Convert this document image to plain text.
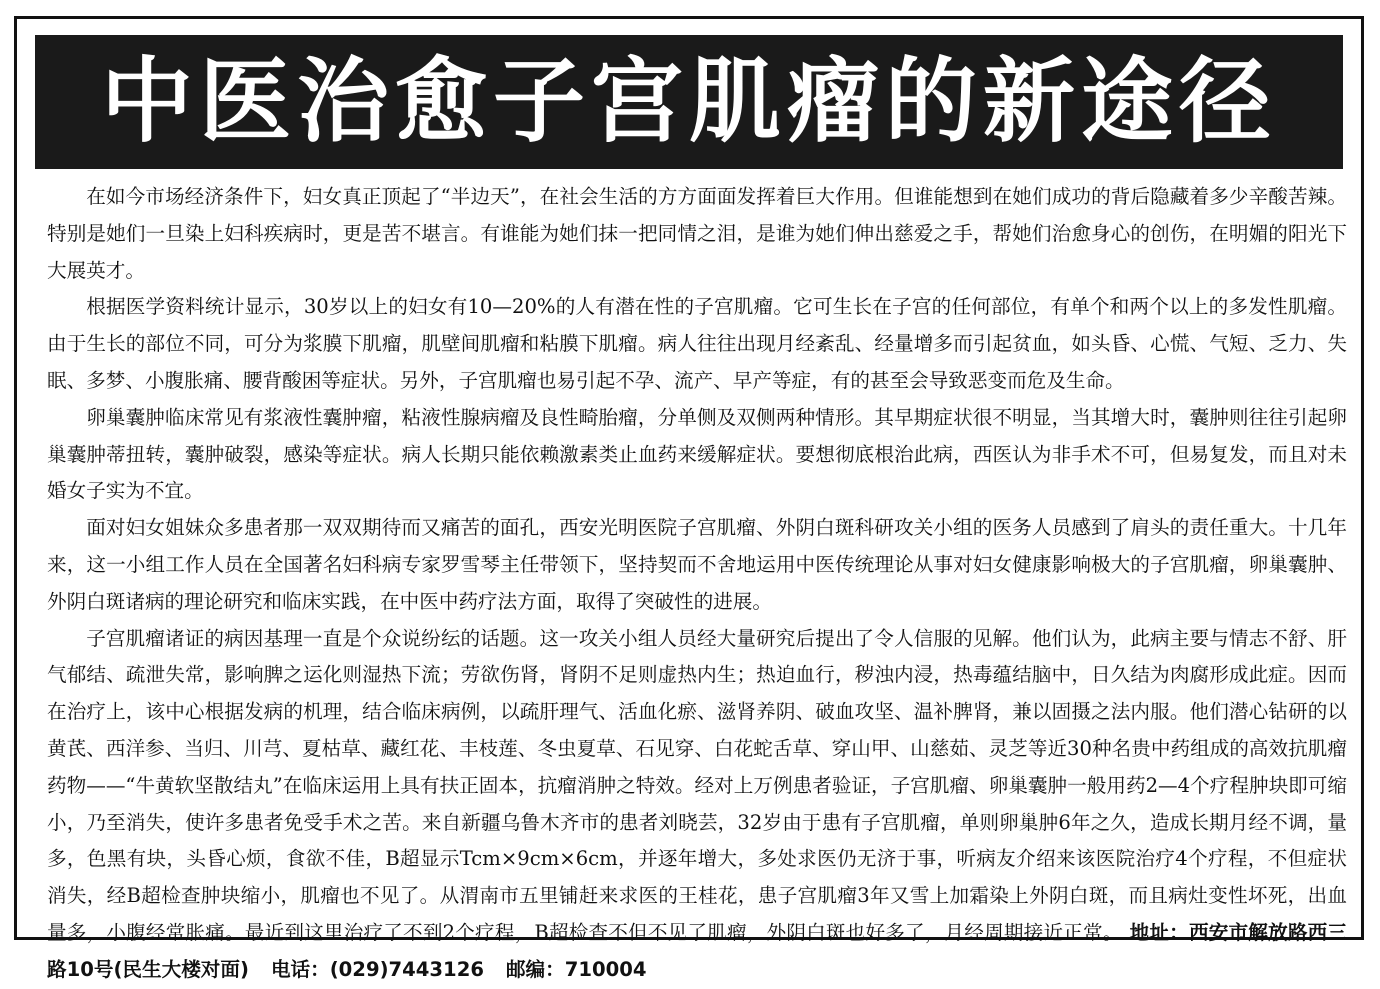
中医治愈子宫肌瘤的新途径

在如今市场经济条件下，妇女真正顶起了“半边天”，在社会生活的方方面面发挥着巨大作用。但谁能想到在她们成功的背后隐藏着多少辛酸苦辣。特别是她们一旦染上妇科疾病时，更是苦不堪言。有谁能为她们抹一把同情之泪，是谁为她们伸出慈爱之手，帮她们治愈身心的创伤，在明媚的阳光下大展英才。

根据医学资料统计显示，30岁以上的妇女有10—20%的人有潜在性的子宫肌瘤。它可生长在子宫的任何部位，有单个和两个以上的多发性肌瘤。由于生长的部位不同，可分为浆膜下肌瘤，肌壁间肌瘤和粘膜下肌瘤。病人往往出现月经紊乱、经量增多而引起贫血，如头昏、心慌、气短、乏力、失眠、多梦、小腹胀痛、腰背酸困等症状。另外，子宫肌瘤也易引起不孕、流产、早产等症，有的甚至会导致恶变而危及生命。

卵巢囊肿临床常见有浆液性囊肿瘤，粘液性腺病瘤及良性畸胎瘤，分单侧及双侧两种情形。其早期症状很不明显，当其增大时，囊肿则往往引起卵巢囊肿蒂扭转，囊肿破裂，感染等症状。病人长期只能依赖激素类止血药来缓解症状。要想彻底根治此病，西医认为非手术不可，但易复发，而且对未婚女子实为不宜。

面对妇女姐妹众多患者那一双双期待而又痛苦的面孔，西安光明医院子宫肌瘤、外阴白斑科研攻关小组的医务人员感到了肩头的责任重大。十几年来，这一小组工作人员在全国著名妇科病专家罗雪琴主任带领下，坚持契而不舍地运用中医传统理论从事对妇女健康影响极大的子宫肌瘤，卵巢囊肿、外阴白斑诸病的理论研究和临床实践，在中医中药疗法方面，取得了突破性的进展。

子宫肌瘤诸证的病因基理一直是个众说纷纭的话题。这一攻关小组人员经大量研究后提出了令人信服的见解。他们认为，此病主要与情志不舒、肝气郁结、疏泄失常，影响脾之运化则湿热下流；劳欲伤肾，肾阴不足则虚热内生；热迫血行，秽浊内浸，热毒蕴结脑中，日久结为肉腐形成此症。因而在治疗上，该中心根据发病的机理，结合临床病例，以疏肝理气、活血化瘀、滋肾养阴、破血攻坚、温补脾肾，兼以固摄之法内服。他们潜心钻研的以黄芪、西洋参、当归、川芎、夏枯草、藏红花、丰枝莲、冬虫夏草、石见穿、白花蛇舌草、穿山甲、山慈茹、灵芝等近30种名贵中药组成的高效抗肌瘤药物——“牛黄软坚散结丸”在临床运用上具有扶正固本，抗瘤消肿之特效。经对上万例患者验证，子宫肌瘤、卵巢囊肿一般用药2—4个疗程肿块即可缩小，乃至消失，使许多患者免受手术之苦。来自新疆乌鲁木齐市的患者刘晓芸，32岁由于患有子宫肌瘤，单则卵巢肿6年之久，造成长期月经不调，量多，色黑有块，头昏心烦，食欲不佳，B超显示Tcm×9cm×6cm，并逐年增大，多处求医仍无济于事，听病友介绍来该医院治疗4个疗程，不但症状消失，经B超检查肿块缩小，肌瘤也不见了。从渭南市五里铺赶来求医的王桂花，患子宫肌瘤3年又雪上加霜染上外阴白斑，而且病灶变性坏死，出血量多，小腹经常胀痛。最近到这里治疗了不到2个疗程，B超检查不但不见了肌瘤，外阴白斑也好多了，月经周期接近正常。 地址：西安市解放路西三路10号(民生大楼对面) 电话：(029)7443126 邮编：710004
